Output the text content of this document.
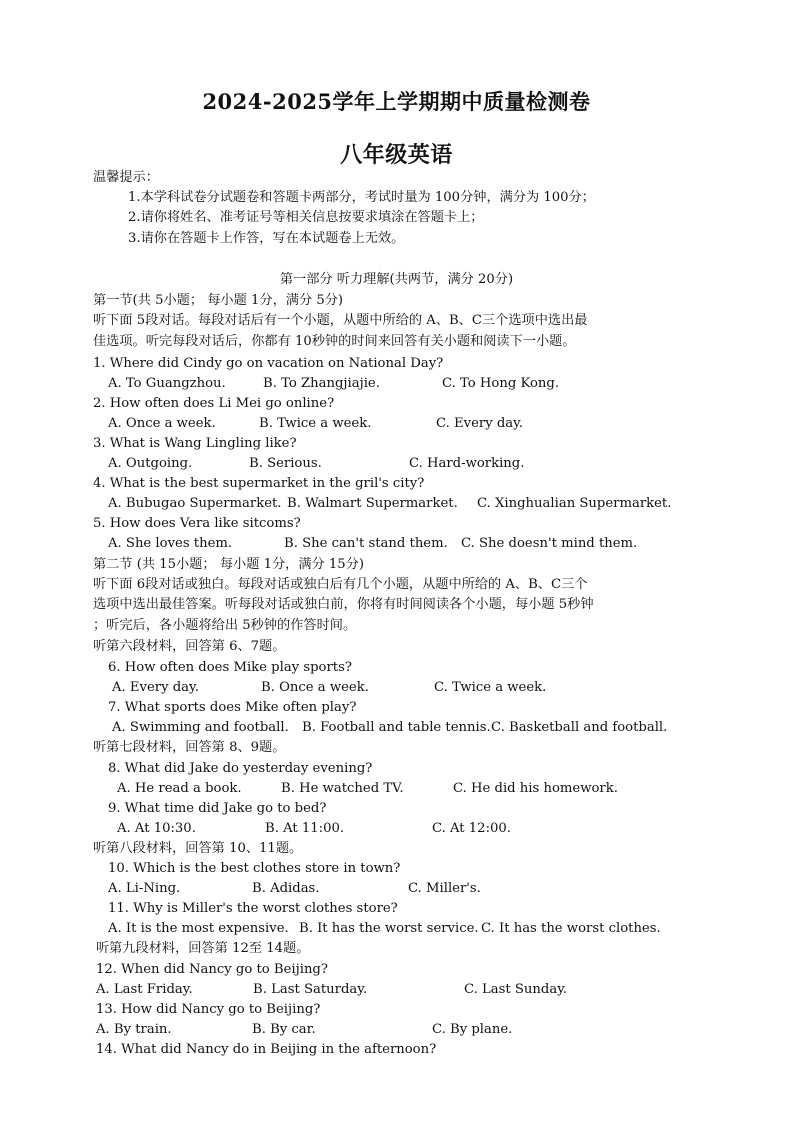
2024-2025学年上学期期中质量检测卷
八年级英语
温馨提示：
1.本学科试卷分试题卷和答题卡两部分，考试时量为 100分钟，满分为 100分；
2.请你将姓名、准考证号等相关信息按要求填涂在答题卡上；
3.请你在答题卡上作答，写在本试题卷上无效。
第一部分 听力理解(共两节，满分 20分)
第一节(共 5小题； 每小题 1分，满分 5分)
听下面 5段对话。每段对话后有一个小题，从题中所给的 A、B、C三个选项中选出最
佳选项。听完每段对话后，你都有 10秒钟的时间来回答有关小题和阅读下一小题。
1. Where did Cindy go on vacation on National Day?
A. To Guangzhou.	B. To Zhangjiajie.	C. To Hong Kong.
2. How often does Li Mei go online?
A. Once a week.	B. Twice a week.	C. Every day.
3. What is Wang Lingling like?
A. Outgoing.	B. Serious.	C. Hard-working.
4. What is the best supermarket in the gril's city?
A. Bubugao Supermarket. B. Walmart Supermarket. C. Xinghualian Supermarket.
5. How does Vera like sitcoms?
A. She loves them.	B. She can't stand them. C. She doesn't mind them.
第二节 (共 15小题； 每小题 1分，满分 15分)
听下面 6段对话或独白。每段对话或独白后有几个小题，从题中所给的 A、B、C三个
选项中选出最佳答案。听每段对话或独白前，你将有时间阅读各个小题，每小题 5秒钟
；听完后，各小题将给出 5秒钟的作答时间。
听第六段材料，回答第 6、7题。
6. How often does Mike play sports?
A. Every day.	B. Once a week.	C. Twice a week.
7. What sports does Mike often play?
A. Swimming and football. B. Football and table tennis. C. Basketball and football.
听第七段材料，回答第 8、9题。
8. What did Jake do yesterday evening?
A. He read a book.	B. He watched TV.	C. He did his homework.
9. What time did Jake go to bed?
A. At 10:30.	B. At 11:00.	C. At 12:00.
听第八段材料，回答第 10、11题。
10. Which is the best clothes store in town?
A. Li-Ning.	B. Adidas.	C. Miller's.
11. Why is Miller's the worst clothes store?
A. It is the most expensive. B. It has the worst service. C. It has the worst clothes.
听第九段材料，回答第 12至 14题。
12. When did Nancy go to Beijing?
A. Last Friday.	B. Last Saturday.	C. Last Sunday.
13. How did Nancy go to Beijing?
A. By train.	B. By car.	C. By plane.
14. What did Nancy do in Beijing in the afternoon?
